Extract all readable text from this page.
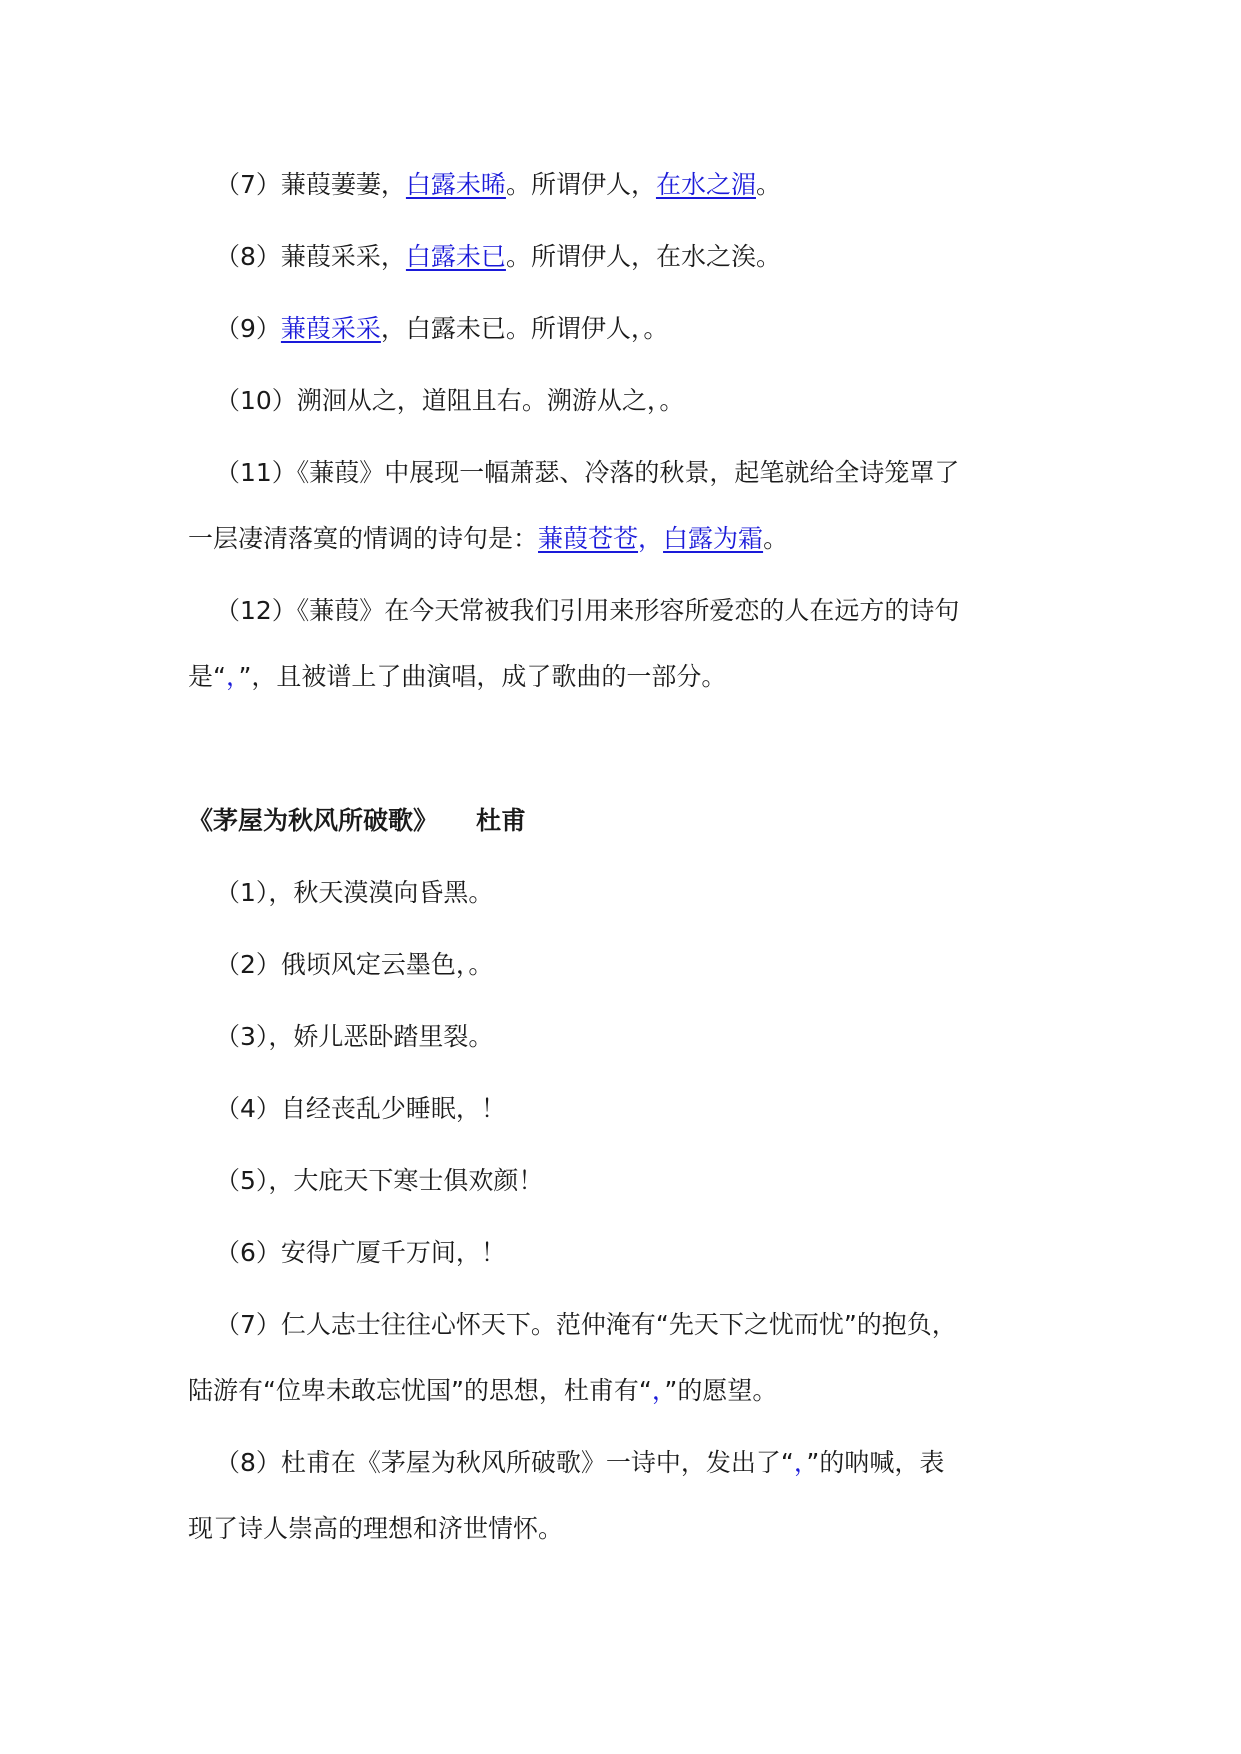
（7）蒹葭萋萋，白露未晞。所谓伊人，在水之湄。
（8）蒹葭采采，白露未已。所谓伊人，在水之涘。
（9）蒹葭采采，白露未已。所谓伊人，。
（10）溯洄从之，道阻且右。溯游从之，。
（11）《蒹葭》中展现一幅萧瑟、冷落的秋景，起笔就给全诗笼罩了
一层凄清落寞的情调的诗句是：蒹葭苍苍，白露为霜。
（12）《蒹葭》在今天常被我们引用来形容所爱恋的人在远方的诗句
是“，”，且被谱上了曲演唱，成了歌曲的一部分。
《茅屋为秋风所破歌》 杜甫
（1），秋天漠漠向昏黑。
（2）俄顷风定云墨色，。
（3），娇儿恶卧踏里裂。
（4）自经丧乱少睡眠，！
（5），大庇天下寒士俱欢颜！
（6）安得广厦千万间，！
（7）仁人志士往往心怀天下。范仲淹有“先天下之忧而忧”的抱负，
陆游有“位卑未敢忘忧国”的思想，杜甫有“，”的愿望。
（8）杜甫在《茅屋为秋风所破歌》一诗中，发出了“，”的呐喊，表
现了诗人崇高的理想和济世情怀。
